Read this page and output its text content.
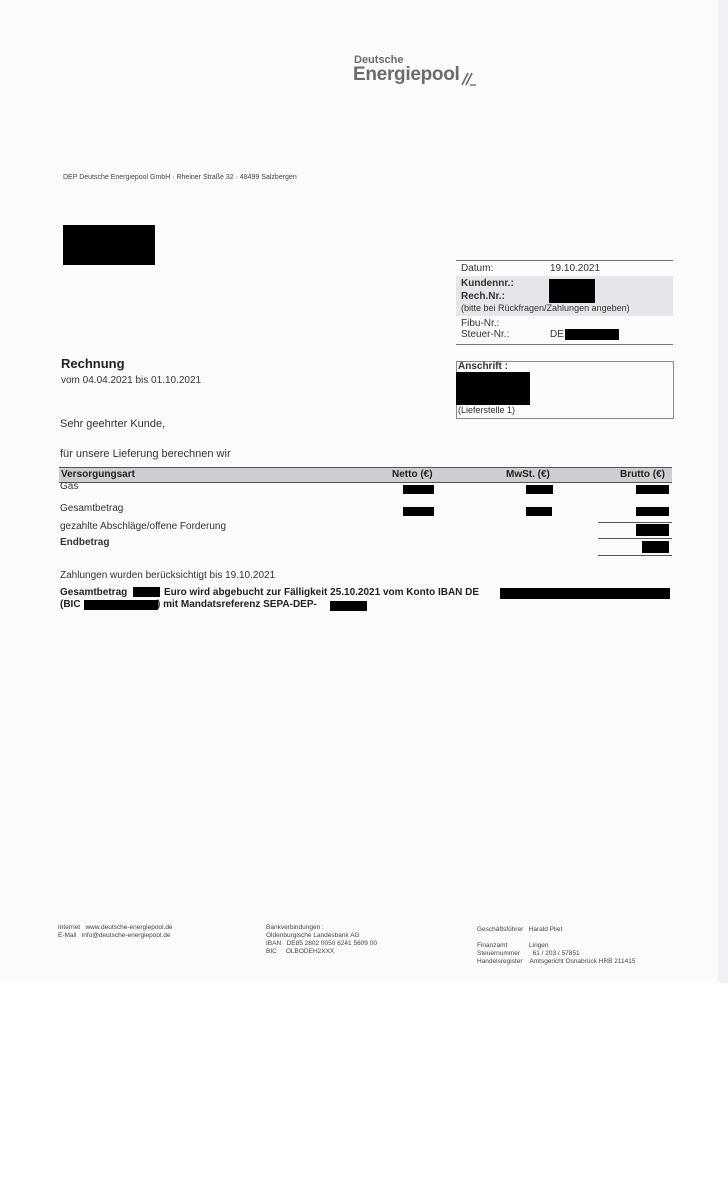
Deutsche
Energiepool
DEP Deutsche Energiepool GmbH · Rheiner Straße 32 · 48499 Salzbergen
Datum:	19.10.2021
Kundennr.:
Rech.Nr.:
(bitte bei Rückfragen/Zahlungen angeben)
Fibu-Nr.:
Steuer-Nr.:	DE
Anschrift :
(Lieferstelle 1)
Rechnung
vom 04.04.2021 bis 01.10.2021
Sehr geehrter Kunde,
für unsere Lieferung berechnen wir
Versorgungsart	Netto (€)	MwSt. (€)	Brutto (€)
Gas
Gesamtbetrag
gezahlte Abschläge/offene Forderung
Endbetrag
Zahlungen wurden berücksichtigt bis 19.10.2021
Gesamtbetrag	Euro wird abgebucht zur Fälligkeit 25.10.2021 vom Konto IBAN DE
(BIC	) mit Mandatsreferenz SEPA-DEP-
Internet   www.deutsche-energiepool.de
E-Mail   info@deutsche-energiepool.de
Bankverbindungen :
Oldenburgische Landesbank AG
IBAN   DE85 2802 0050 6241 5609 00
BIC     OLBODEH2XXX
Geschäftsführer   Harald Pliet
Finanzamt            Lingen
Steuernummer       61 / 203 / 57851
Handelsregister    Amtsgericht Osnabrück HRB 211415
